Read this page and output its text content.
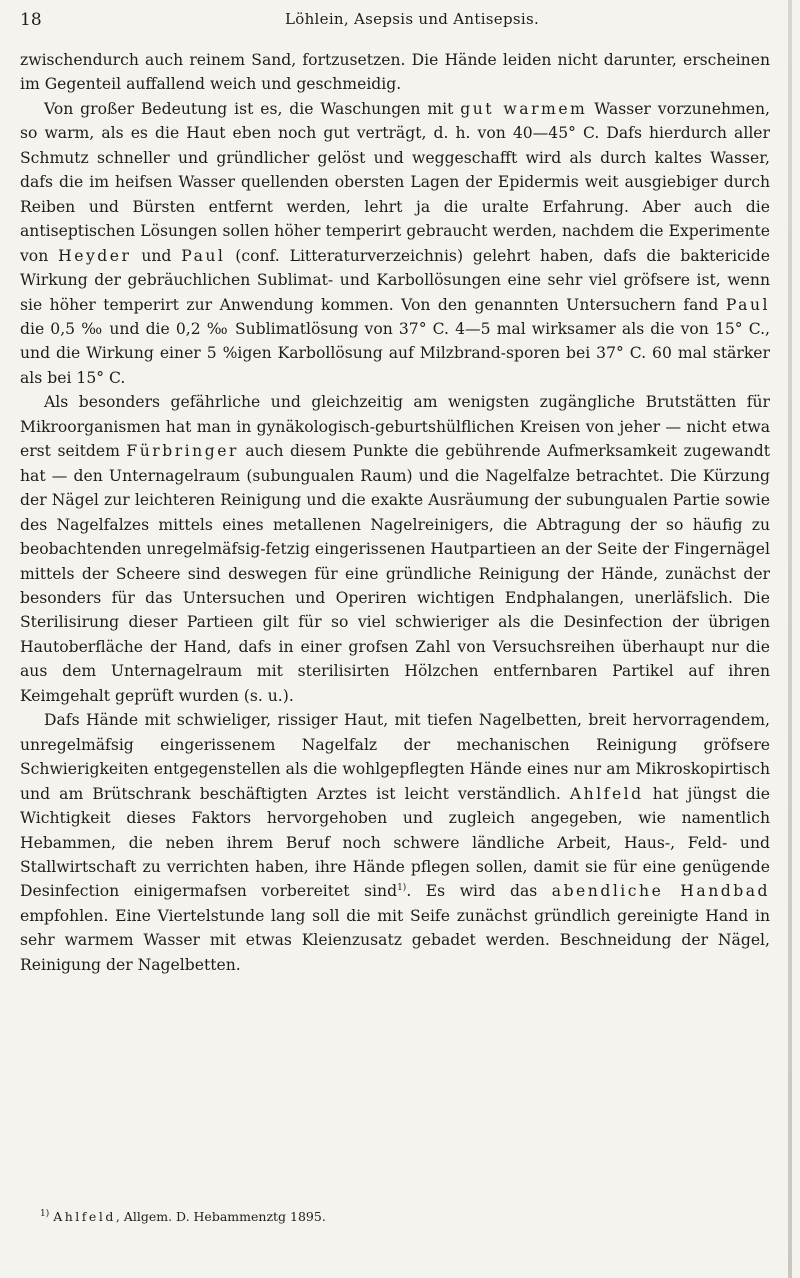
18	Löhlein, Asepsis und Antisepsis.

zwischendurch auch reinem Sand, fortzusetzen. Die Hände leiden nicht darunter, erscheinen im Gegenteil auffallend weich und geschmeidig.

Von großer Bedeutung ist es, die Waschungen mit gut warmem Wasser vorzunehmen, so warm, als es die Haut eben noch gut verträgt, d. h. von 40—45° C. Dafs hierdurch aller Schmutz schneller und gründlicher gelöst und weggeschafft wird als durch kaltes Wasser, dafs die im heifsen Wasser quellenden obersten Lagen der Epidermis weit ausgiebiger durch Reiben und Bürsten entfernt werden, lehrt ja die uralte Erfahrung. Aber auch die antiseptischen Lösungen sollen höher temperirt gebraucht werden, nachdem die Experimente von Heyder und Paul (conf. Litteraturverzeichnis) gelehrt haben, dafs die baktericide Wirkung der gebräuchlichen Sublimat- und Karbollösungen eine sehr viel gröfsere ist, wenn sie höher temperirt zur Anwendung kommen. Von den genannten Untersuchern fand Paul die 0,5 ‰ und die 0,2 ‰ Sublimatlösung von 37° C. 4—5 mal wirksamer als die von 15° C., und die Wirkung einer 5 %igen Karbollösung auf Milzbrand-sporen bei 37° C. 60 mal stärker als bei 15° C.

Als besonders gefährliche und gleichzeitig am wenigsten zugängliche Brutstätten für Mikroorganismen hat man in gynäkologisch-geburtshülflichen Kreisen von jeher — nicht etwa erst seitdem Fürbringer auch diesem Punkte die gebührende Aufmerksamkeit zugewandt hat — den Unternagelraum (subungualen Raum) und die Nagelfalze betrachtet. Die Kürzung der Nägel zur leichteren Reinigung und die exakte Ausräumung der subungualen Partie sowie des Nagelfalzes mittels eines metallenen Nagelreinigers, die Abtragung der so häufig zu beobachtenden unregelmäfsig-fetzig eingerissenen Hautpartieen an der Seite der Fingernägel mittels der Scheere sind deswegen für eine gründliche Reinigung der Hände, zunächst der besonders für das Untersuchen und Operiren wichtigen Endphalangen, unerläfslich. Die Sterilisirung dieser Partieen gilt für so viel schwieriger als die Desinfection der übrigen Hautoberfläche der Hand, dafs in einer grofsen Zahl von Versuchsreihen überhaupt nur die aus dem Unternagelraum mit sterilisirten Hölzchen entfernbaren Partikel auf ihren Keimgehalt geprüft wurden (s. u.).

Dafs Hände mit schwieliger, rissiger Haut, mit tiefen Nagelbetten, breit hervorragendem, unregelmäfsig eingerissenem Nagelfalz der mechanischen Reinigung gröfsere Schwierigkeiten entgegenstellen als die wohlgepflegten Hände eines nur am Mikroskopirtisch und am Brütschrank beschäftigten Arztes ist leicht verständlich. Ahlfeld hat jüngst die Wichtigkeit dieses Faktors hervorgehoben und zugleich angegeben, wie namentlich Hebammen, die neben ihrem Beruf noch schwere ländliche Arbeit, Haus-, Feld- und Stallwirtschaft zu verrichten haben, ihre Hände pflegen sollen, damit sie für eine genügende Desinfection einigermafsen vorbereitet sind$^{1)}$. Es wird das abendliche Handbad empfohlen. Eine Viertelstunde lang soll die mit Seife zunächst gründlich gereinigte Hand in sehr warmem Wasser mit etwas Kleienzusatz gebadet werden. Beschneidung der Nägel, Reinigung der Nagelbetten.

$^{1)}$ Ahlfeld, Allgem. D. Hebammenztg 1895.
